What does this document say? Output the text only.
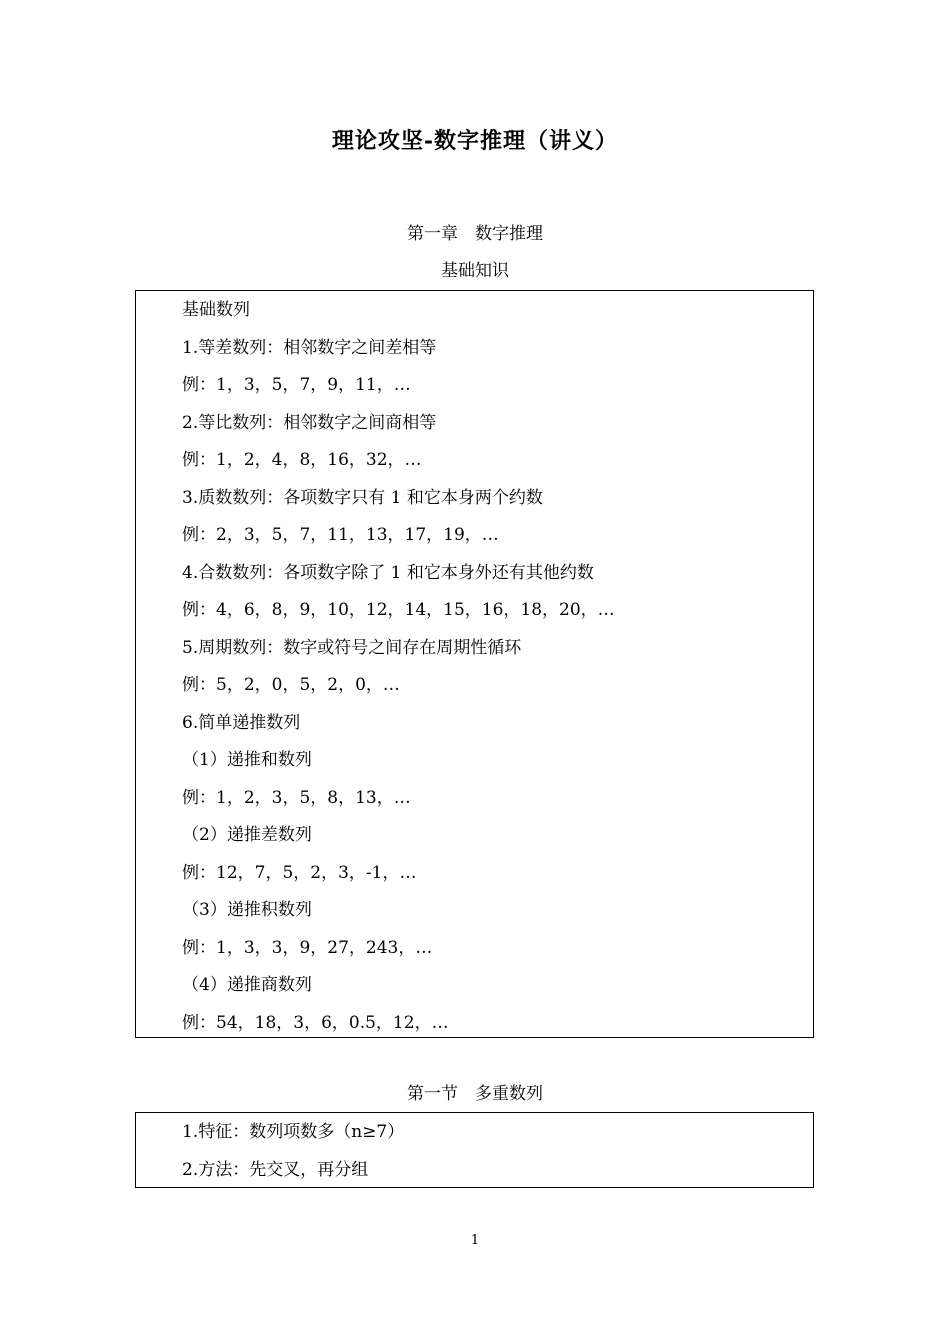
理论攻坚-数字推理（讲义）
第一章　数字推理
基础知识
基础数列
1.等差数列：相邻数字之间差相等
例：1，3，5，7，9，11，…
2.等比数列：相邻数字之间商相等
例：1，2，4，8，16，32，…
3.质数数列：各项数字只有 1 和它本身两个约数
例：2，3，5，7，11，13，17，19，…
4.合数数列：各项数字除了 1 和它本身外还有其他约数
例：4，6，8，9，10，12，14，15，16，18，20，…
5.周期数列：数字或符号之间存在周期性循环
例：5，2，0，5，2，0，…
6.简单递推数列
（1）递推和数列
例：1，2，3，5，8，13，…
（2）递推差数列
例：12，7，5，2，3，-1，…
（3）递推积数列
例：1，3，3，9，27，243，…
（4）递推商数列
例：54，18，3，6，0.5，12，…
第一节　多重数列
1.特征：数列项数多（n≥7）
2.方法：先交叉，再分组
1
